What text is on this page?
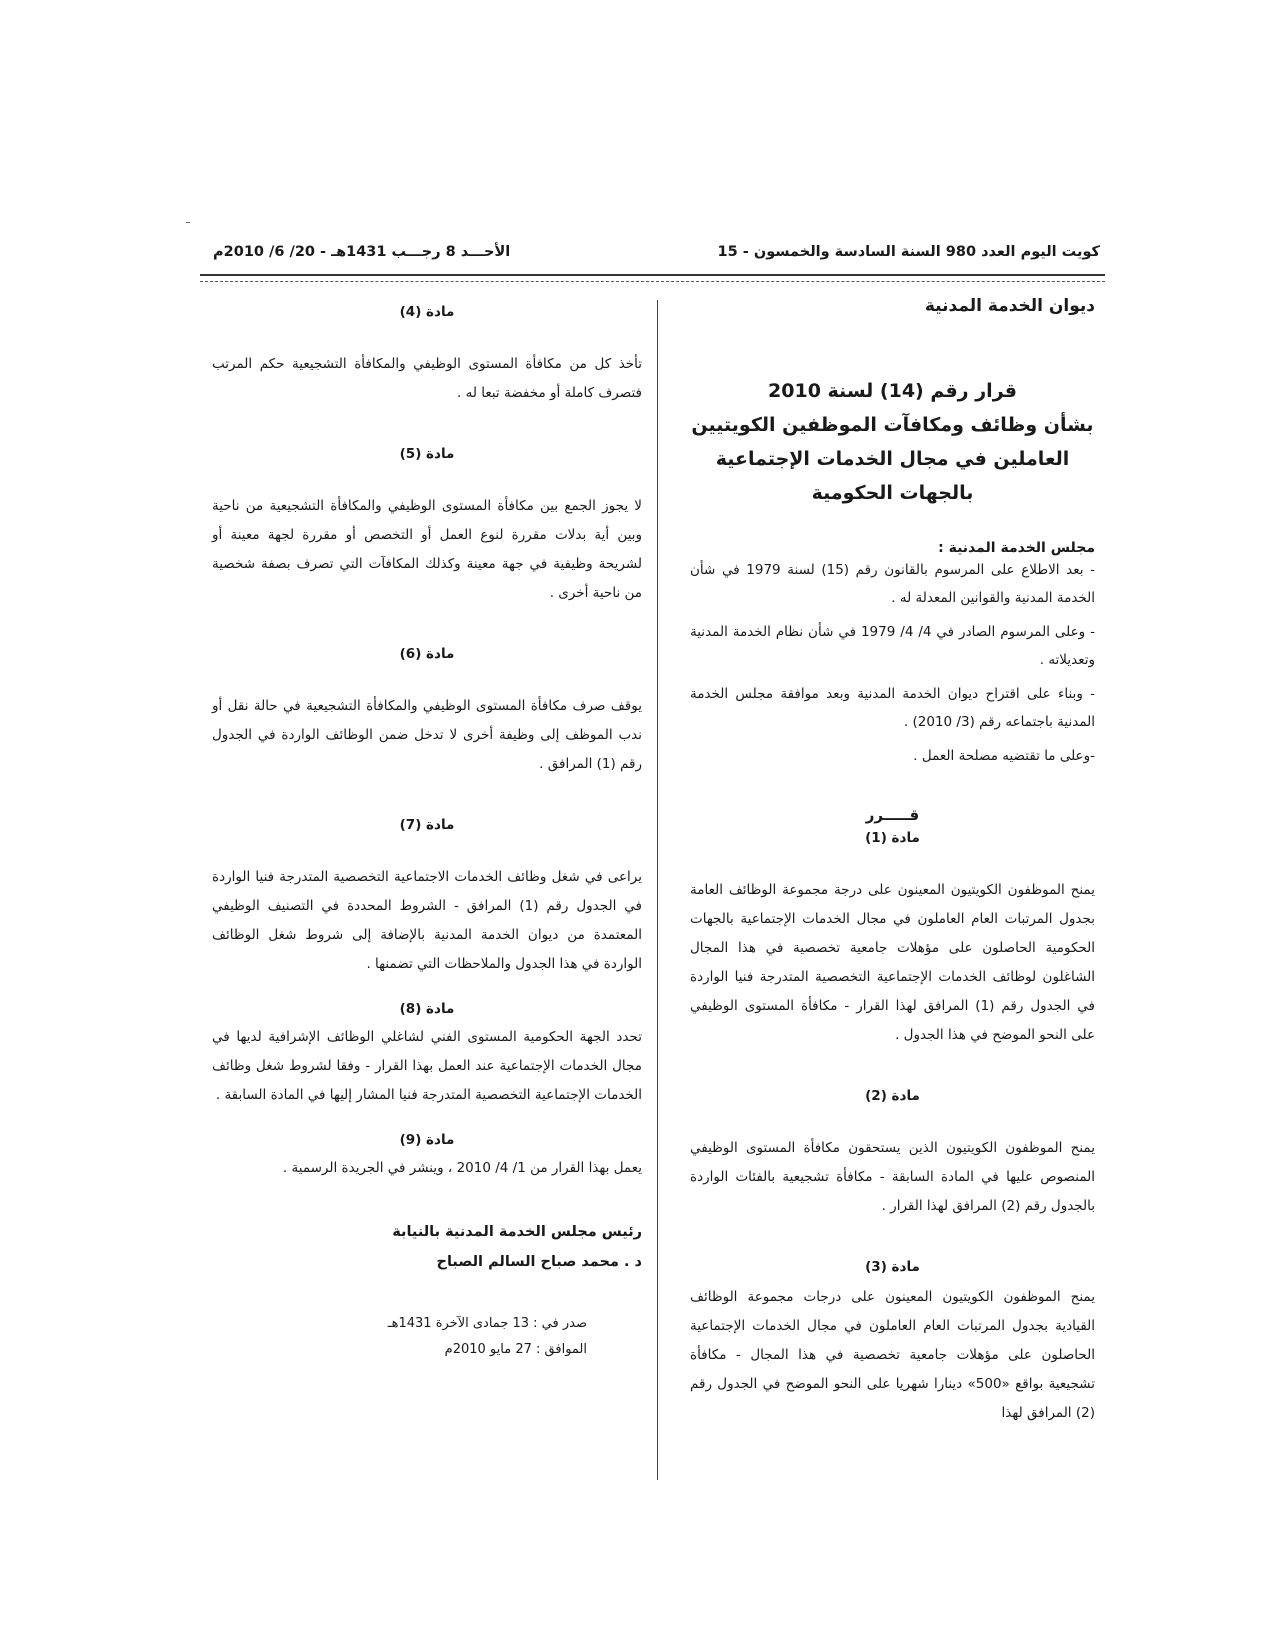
كويت اليوم العدد 980 السنة السادسة والخمسون - 15
الأحـــد 8 رجـــب 1431هـ - 20/ 6/ 2010م
ديوان الخدمة المدنية
قرار رقم (14) لسنة 2010
بشأن وظائف ومكافآت الموظفين الكويتيين
العاملين في مجال الخدمات الإجتماعية
بالجهات الحكومية

مجلس الخدمة المدنية :

- بعد الاطلاع على المرسوم بالقانون رقم (15) لسنة 1979 في شأن الخدمة المدنية والقوانين المعدلة له .

- وعلى المرسوم الصادر في 4/ 4/ 1979 في شأن نظام الخدمة المدنية وتعديلاته .

- وبناء على اقتراح ديوان الخدمة المدنية وبعد موافقة مجلس الخدمة المدنية باجتماعه رقم (3/ 2010) .

-وعلى ما تقتضيه مصلحة العمل .

قـــــرر
مادة (1)

يمنح الموظفون الكويتيون المعينون على درجة مجموعة الوظائف العامة بجدول المرتبات العام العاملون في مجال الخدمات الإجتماعية بالجهات الحكومية الحاصلون على مؤهلات جامعية تخصصية في هذا المجال الشاغلون لوظائف الخدمات الإجتماعية التخصصية المتدرجة فنيا الواردة في الجدول رقم (1) المرافق لهذا القرار - مكافأة المستوى الوظيفي على النحو الموضح في هذا الجدول .

مادة (2)

يمنح الموظفون الكويتيون الذين يستحقون مكافأة المستوى الوظيفي المنصوص عليها في المادة السابقة - مكافأة تشجيعية بالفئات الواردة بالجدول رقم (2) المرافق لهذا القرار .

مادة (3)

يمنح الموظفون الكويتيون المعينون على درجات مجموعة الوظائف القيادية بجدول المرتبات العام العاملون في مجال الخدمات الإجتماعية الحاصلون على مؤهلات جامعية تخصصية في هذا المجال - مكافأة تشجيعية بواقع «500» دينارا شهريا على النحو الموضح في الجدول رقم (2) المرافق لهذا

مادة (4)

تأخذ كل من مكافأة المستوى الوظيفي والمكافأة التشجيعية حكم المرتب فتصرف كاملة أو مخفضة تبعا له .

مادة (5)

لا يجوز الجمع بين مكافأة المستوى الوظيفي والمكافأة التشجيعية من ناحية وبين أية بدلات مقررة لنوع العمل أو التخصص أو مقررة لجهة معينة أو لشريحة وظيفية في جهة معينة وكذلك المكافآت التي تصرف بصفة شخصية من ناحية أخرى .

مادة (6)

يوقف صرف مكافأة المستوى الوظيفي والمكافأة التشجيعية في حالة نقل أو ندب الموظف إلى وظيفة أخرى لا تدخل ضمن الوظائف الواردة في الجدول رقم (1) المرافق .

مادة (7)

يراعى في شغل وظائف الخدمات الاجتماعية التخصصية المتدرجة فنيا الواردة في الجدول رقم (1) المرافق - الشروط المحددة في التصنيف الوظيفي المعتمدة من ديوان الخدمة المدنية بالإضافة إلى شروط شغل الوظائف الواردة في هذا الجدول والملاحظات التي تضمنها .

مادة (8)

تحدد الجهة الحكومية المستوى الفني لشاغلي الوظائف الإشرافية لديها في مجال الخدمات الإجتماعية عند العمل بهذا القرار - وفقا لشروط شغل وظائف الخدمات الإجتماعية التخصصية المتدرجة فنيا المشار إليها في المادة السابقة .

مادة (9)

يعمل بهذا القرار من 1/ 4/ 2010 ، وينشر في الجريدة الرسمية .

رئيس مجلس الخدمة المدنية بالنيابة
د . محمد صباح السالم الصباح
صدر في : 13 جمادى الآخرة 1431هـ
الموافق : 27 مايو 2010م
